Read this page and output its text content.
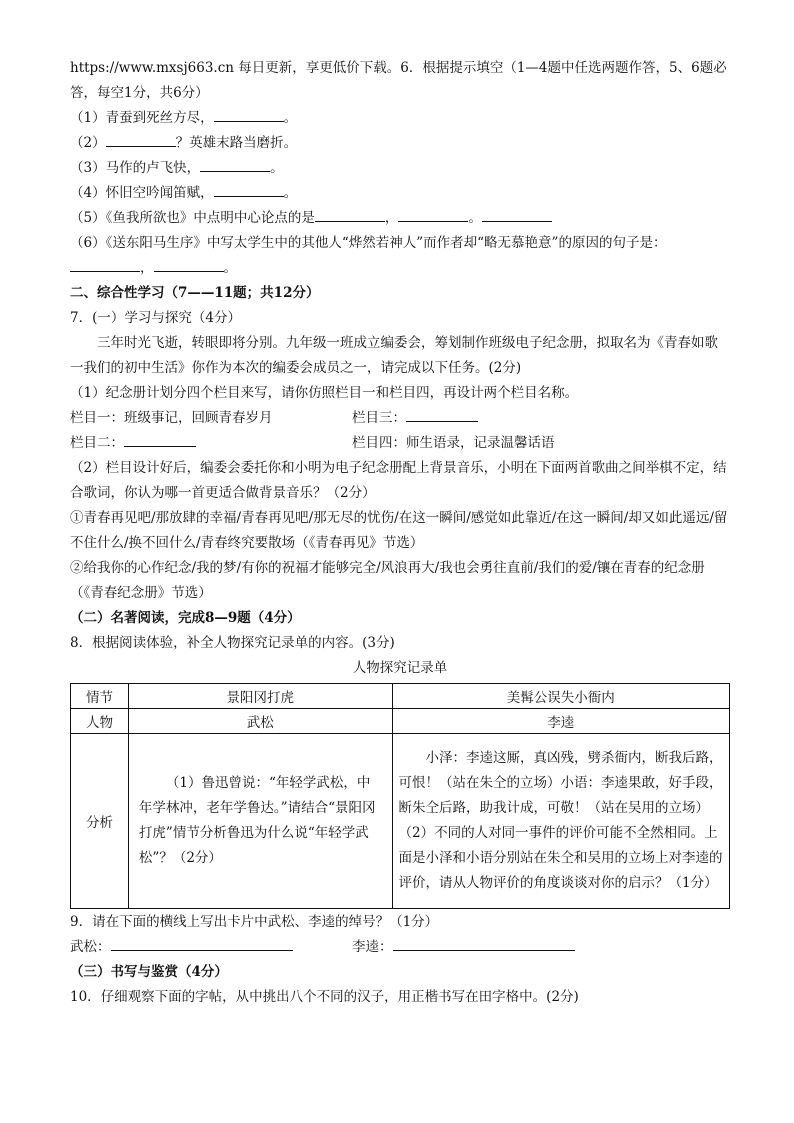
https://www.mxsj663.cn 每日更新，享更低价下载。6．根据提示填空（1—4题中任选两题作答，5、6题必
答，每空1分，共6分）
（1）青蚕到死丝方尽，	。
（2）	？英雄末路当磨折。
（3）马作的卢飞快，	。
（4）怀旧空吟闻笛赋，	。
（5）《鱼我所欲也》中点明中心论点的是	，	。
（6）《送东阳马生序》中写太学生中的其他人“烨然若神人”而作者却“略无慕艳意”的原因的句子是：
，	。
二、综合性学习（7——11题；共12分）
7．(一）学习与探究（4分）
三年时光飞逝，转眼即将分别。九年级一班成立编委会，筹划制作班级电子纪念册，拟取名为《青春如歌一我们的初中生活》你作为本次的编委会成员之一，请完成以下任务。(2分)
（1）纪念册计划分四个栏目来写，请你仿照栏目一和栏目四，再设计两个栏目名称。
栏目一：班级事记，回顾青春岁月	栏目三：
栏目二：	栏目四：师生语录，记录温馨话语
（2）栏目设计好后，编委会委托你和小明为电子纪念册配上背景音乐，小明在下面两首歌曲之间举棋不定，结合歌词，你认为哪一首更适合做背景音乐？（2分）
①青春再见吧/那放肆的幸福/青春再见吧/那无尽的忧伤/在这一瞬间/感觉如此靠近/在这一瞬间/却又如此遥远/留不住什么/换不回什么/青春终究要散场（《青春再见》节选）
②给我你的心作纪念/我的梦/有你的祝福才能够完全/风浪再大/我也会勇往直前/我们的爱/镶在青春的纪念册（《青春纪念册》节选）
（二）名著阅读，完成8—9题（4分）
8．根据阅读体验，补全人物探究记录单的内容。(3分)
人物探究记录单
情节	景阳冈打虎	美髯公误失小衙内
人物	武松	李逵
分析	（1）鲁迅曾说：“年轻学武松，中年学林冲，老年学鲁达。”请结合“景阳冈打虎”情节分析鲁迅为什么说“年轻学武松”？（2分）	小泽：李逵这厮，真凶残，劈杀衙内，断我后路，可恨！（站在朱仝的立场）小语：李逵果敢，好手段，断朱仝后路，助我计成，可敬！（站在吴用的立场）
（2）不同的人对同一事件的评价可能不全然相同。上面是小泽和小语分别站在朱仝和吴用的立场上对李逵的评价，请从人物评价的角度谈谈对你的启示？（1分）
9．请在下面的横线上写出卡片中武松、李逵的绰号？（1分）
武松：	李逵：
（三）书写与鉴赏（4分）
10．仔细观察下面的字帖，从中挑出八个不同的汉子，用正楷书写在田字格中。(2分)
